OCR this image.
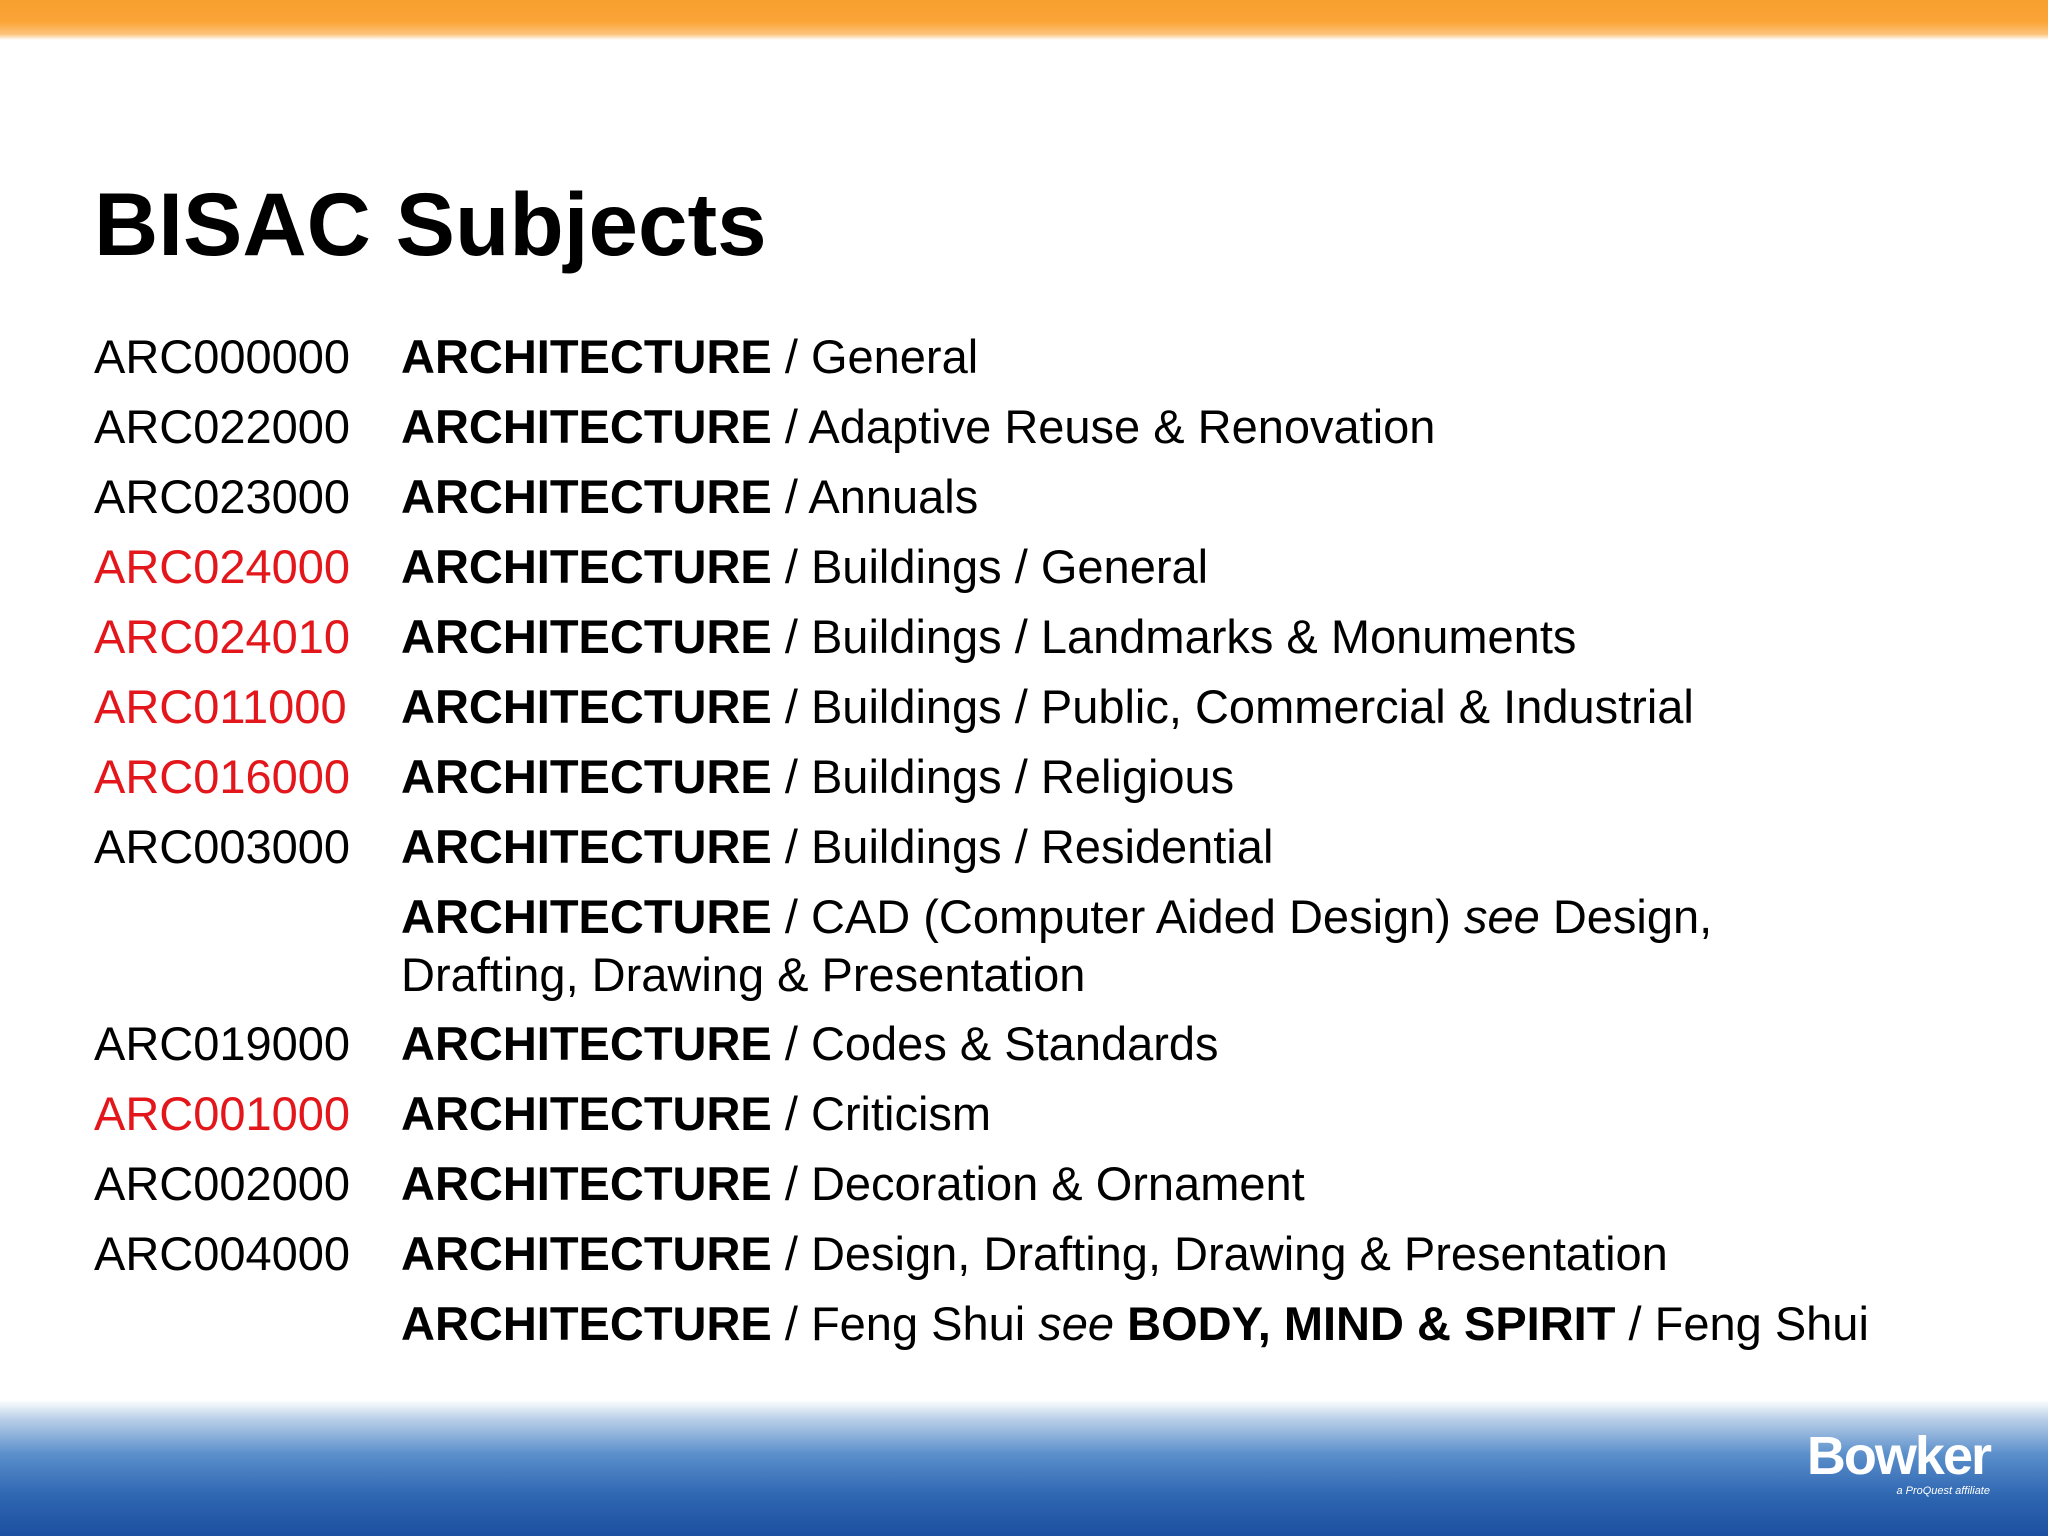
BISAC Subjects
ARC000000	ARCHITECTURE / General
ARC022000	ARCHITECTURE / Adaptive Reuse & Renovation
ARC023000	ARCHITECTURE / Annuals
ARC024000	ARCHITECTURE / Buildings / General
ARC024010	ARCHITECTURE / Buildings / Landmarks & Monuments
ARC011000	ARCHITECTURE / Buildings / Public, Commercial & Industrial
ARC016000	ARCHITECTURE / Buildings / Religious
ARC003000	ARCHITECTURE / Buildings / Residential
ARCHITECTURE / CAD (Computer Aided Design) see Design,
Drafting, Drawing & Presentation
ARC019000	ARCHITECTURE / Codes & Standards
ARC001000	ARCHITECTURE / Criticism
ARC002000	ARCHITECTURE / Decoration & Ornament
ARC004000	ARCHITECTURE / Design, Drafting, Drawing & Presentation
ARCHITECTURE / Feng Shui see BODY, MIND & SPIRIT / Feng Shui
Bowker
a ProQuest affiliate
